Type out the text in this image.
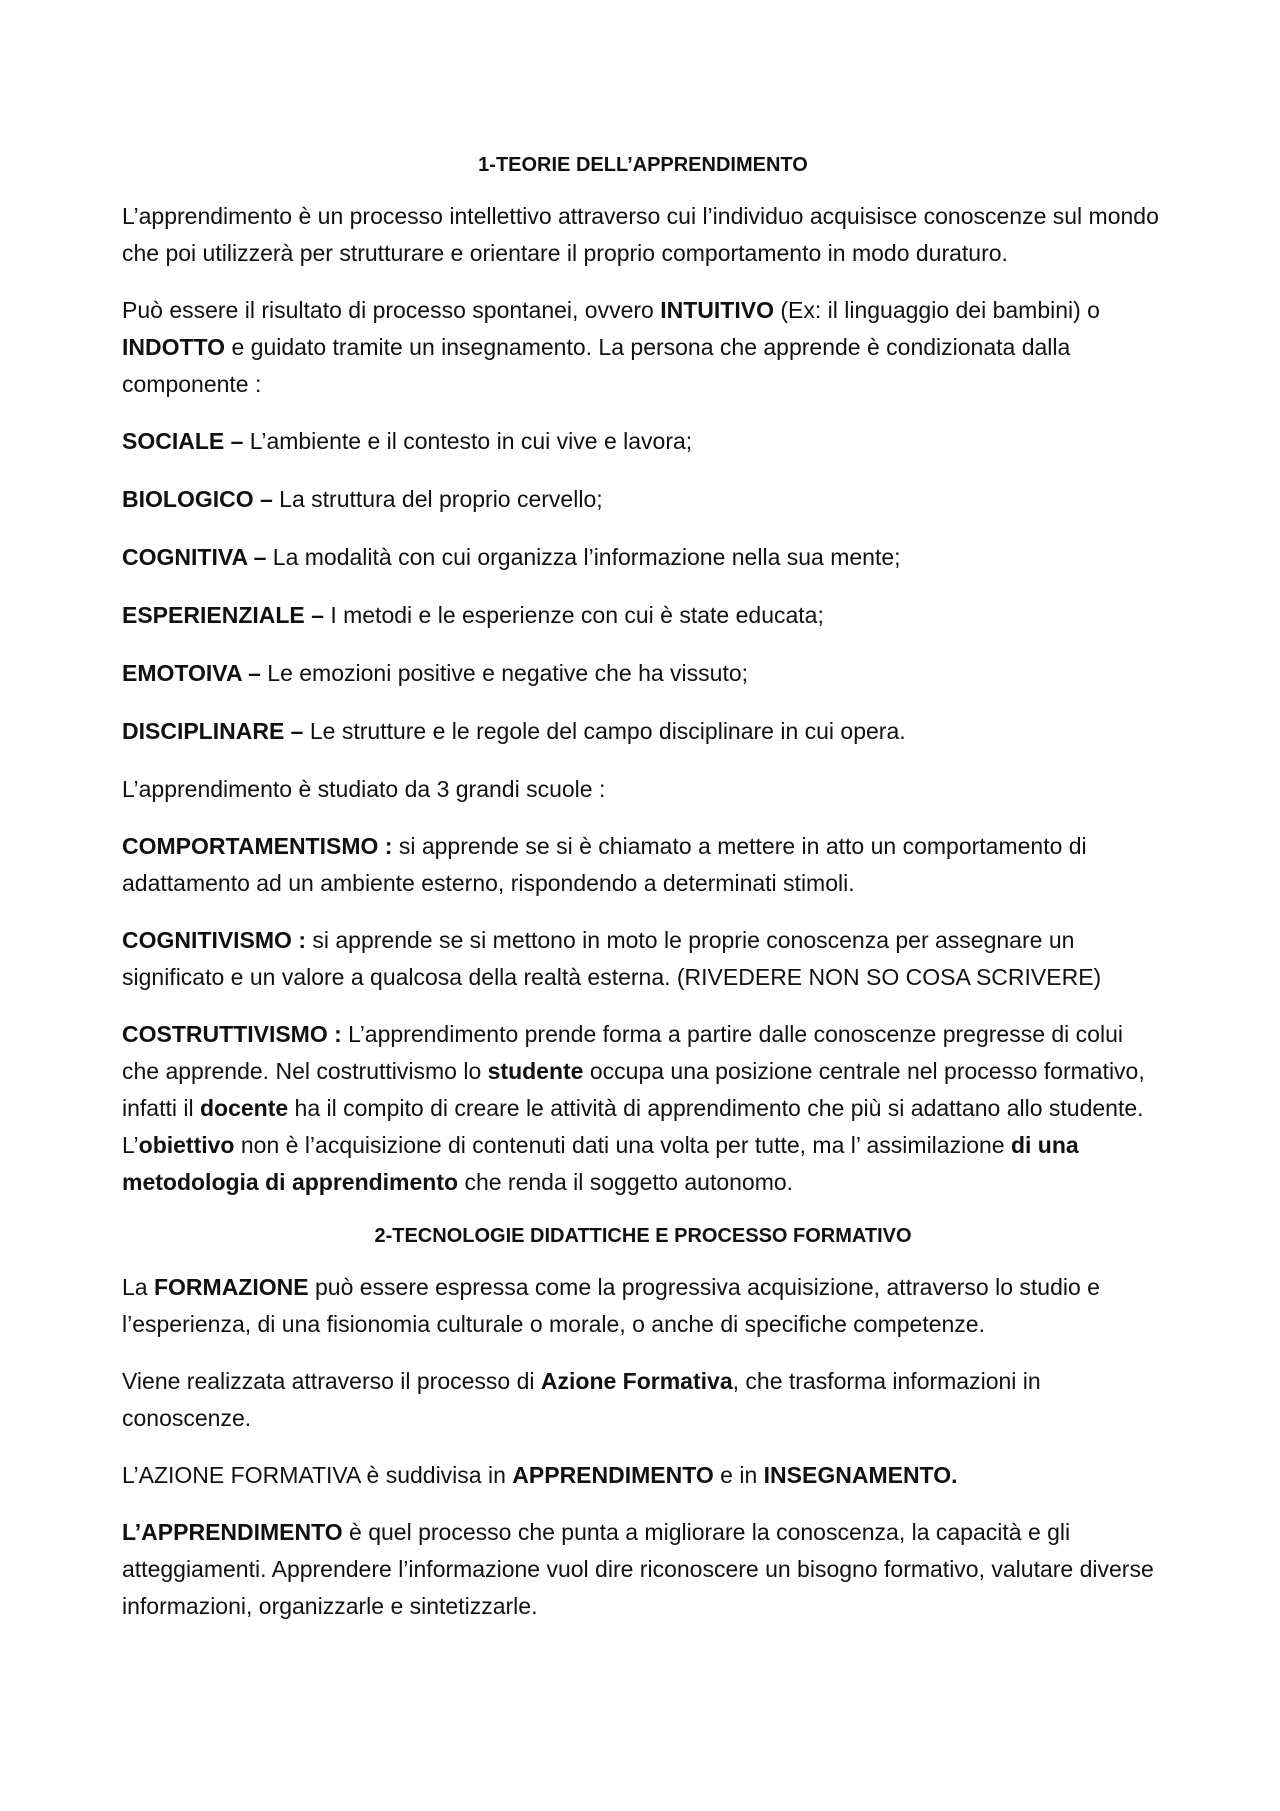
1-TEORIE DELL’APPRENDIMENTO

L’apprendimento è un processo intellettivo attraverso cui l’individuo acquisisce conoscenze sul mondo che poi utilizzerà per strutturare e orientare il proprio comportamento in modo duraturo.

Può essere il risultato di processo spontanei, ovvero INTUITIVO (Ex: il linguaggio dei bambini) o INDOTTO e guidato tramite un insegnamento. La persona che apprende è condizionata dalla componente :

SOCIALE – L’ambiente e il contesto in cui vive e lavora;

BIOLOGICO – La struttura del proprio cervello;

COGNITIVA – La modalità con cui organizza l’informazione nella sua mente;

ESPERIENZIALE – I metodi e le esperienze con cui è state educata;

EMOTOIVA – Le emozioni positive e negative che ha vissuto;

DISCIPLINARE – Le strutture e le regole del campo disciplinare in cui opera.

L’apprendimento è studiato da 3 grandi scuole :

COMPORTAMENTISMO : si apprende se si è chiamato a mettere in atto un comportamento di adattamento ad un ambiente esterno, rispondendo a determinati stimoli.

COGNITIVISMO : si apprende se si mettono in moto le proprie conoscenza per assegnare un significato e un valore a qualcosa della realtà esterna. (RIVEDERE NON SO COSA SCRIVERE)

COSTRUTTIVISMO : L’apprendimento prende forma a partire dalle conoscenze pregresse di colui che apprende. Nel costruttivismo lo studente occupa una posizione centrale nel processo formativo, infatti il docente ha il compito di creare le attività di apprendimento che più si adattano allo studente. L’obiettivo non è l’acquisizione di contenuti dati una volta per tutte, ma l’ assimilazione di una metodologia di apprendimento che renda il soggetto autonomo.

2-TECNOLOGIE DIDATTICHE E PROCESSO FORMATIVO

La FORMAZIONE può essere espressa come la progressiva acquisizione, attraverso lo studio e l’esperienza, di una fisionomia culturale o morale, o anche di specifiche competenze.

Viene realizzata attraverso il processo di Azione Formativa, che trasforma informazioni in conoscenze.

L’AZIONE FORMATIVA è suddivisa in APPRENDIMENTO e in INSEGNAMENTO.

L’APPRENDIMENTO è quel processo che punta a migliorare la conoscenza, la capacità e gli atteggiamenti. Apprendere l’informazione vuol dire riconoscere un bisogno formativo, valutare diverse informazioni, organizzarle e sintetizzarle.
